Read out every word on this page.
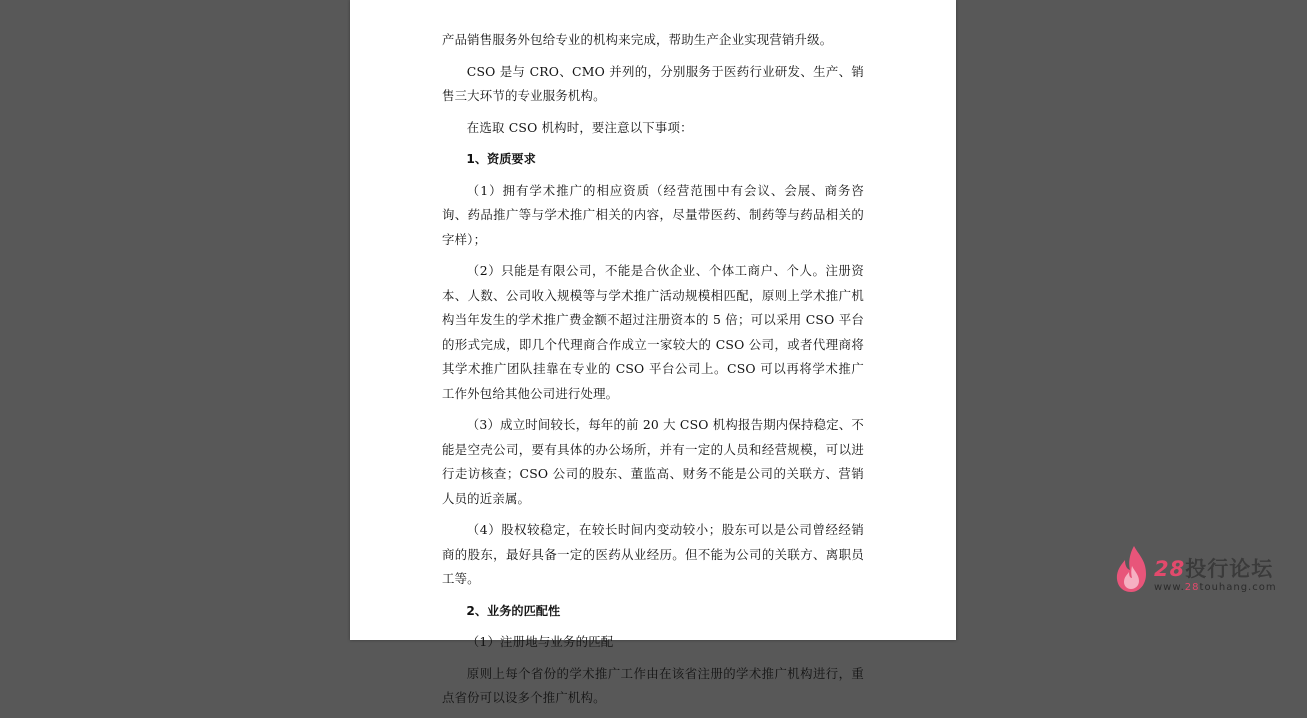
产品销售服务外包给专业的机构来完成，帮助生产企业实现营销升级。

CSO 是与 CRO、CMO 并列的，分别服务于医药行业研发、生产、销售三大环节的专业服务机构。

在选取 CSO 机构时，要注意以下事项：

1、资质要求

（1）拥有学术推广的相应资质（经营范围中有会议、会展、商务咨询、药品推广等与学术推广相关的内容，尽量带医药、制药等与药品相关的字样）；

（2）只能是有限公司，不能是合伙企业、个体工商户、个人。注册资本、人数、公司收入规模等与学术推广活动规模相匹配，原则上学术推广机构当年发生的学术推广费金额不超过注册资本的 5 倍；可以采用 CSO 平台的形式完成，即几个代理商合作成立一家较大的 CSO 公司，或者代理商将其学术推广团队挂靠在专业的 CSO 平台公司上。CSO 可以再将学术推广工作外包给其他公司进行处理。

（3）成立时间较长，每年的前 20 大 CSO 机构报告期内保持稳定、不能是空壳公司，要有具体的办公场所，并有一定的人员和经营规模，可以进行走访核查；CSO 公司的股东、董监高、财务不能是公司的关联方、营销人员的近亲属。

（4）股权较稳定，在较长时间内变动较小；股东可以是公司曾经经销商的股东，最好具备一定的医药从业经历。但不能为公司的关联方、离职员工等。

2、业务的匹配性

（1）注册地与业务的匹配

原则上每个省份的学术推广工作由在该省注册的学术推广机构进行，重点省份可以设多个推广机构。

28投行论坛
www.28touhang.com
